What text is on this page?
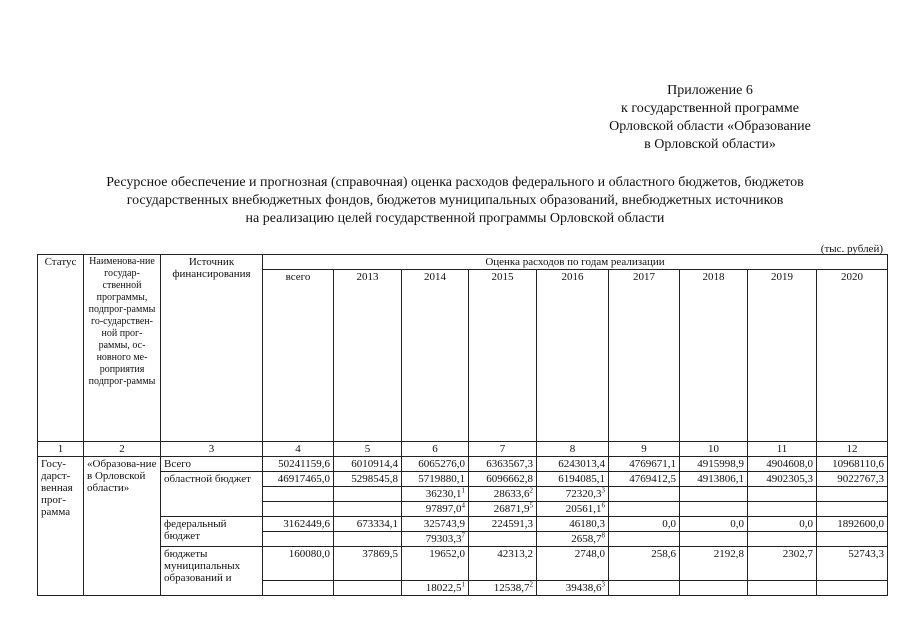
Приложение 6
к государственной программе
Орловской области «Образование
в Орловской области»
Ресурсное обеспечение и прогнозная (справочная) оценка расходов федерального и областного бюджетов, бюджетов
государственных внебюджетных фондов, бюджетов муниципальных образований, внебюджетных источников
на реализацию целей государственной программы Орловской области
(тыс. рублей)
Статус	Наименова-ние государ-ственной программы, подпрог-раммы го-сударствен-ной прог-раммы, ос-новного ме-роприятия подпрог-раммы	Источник финансирования	Оценка расходов по годам реализации								
			всего	2013	2014	2015	2016	2017	2018	2019	2020
1	2	3	4	5	6	7	8	9	10	11	12
Госу-дарст-венная прог-рамма	«Образова-ние в Орловской области»	Всего	50241159,6	6010914,4	6065276,0	6363567,3	6243013,4	4769671,1	4915998,9	4904608,0	10968110,6
		областной бюджет	46917465,0	5298545,8	5719880,1	6096662,8	6194085,1	4769412,5	4913806,1	4902305,3	9022767,3
					36230,1$^1$	28633,6$^2$	72320,3$^3$				
					97897,0$^4$	26871,9$^5$	20561,1$^6$				
		федеральный бюджет	3162449,6	673334,1	325743,9	224591,3	46180,3	0,0	0,0	0,0	1892600,0
					79303,3$^7$		2658,7$^8$				
		бюджеты муниципальных образований и	160080,0	37869,5	19652,0	42313,2	2748,0	258,6	2192,8	2302,7	52743,3
					18022,5$^1$	12538,7$^2$	39438,6$^3$				
